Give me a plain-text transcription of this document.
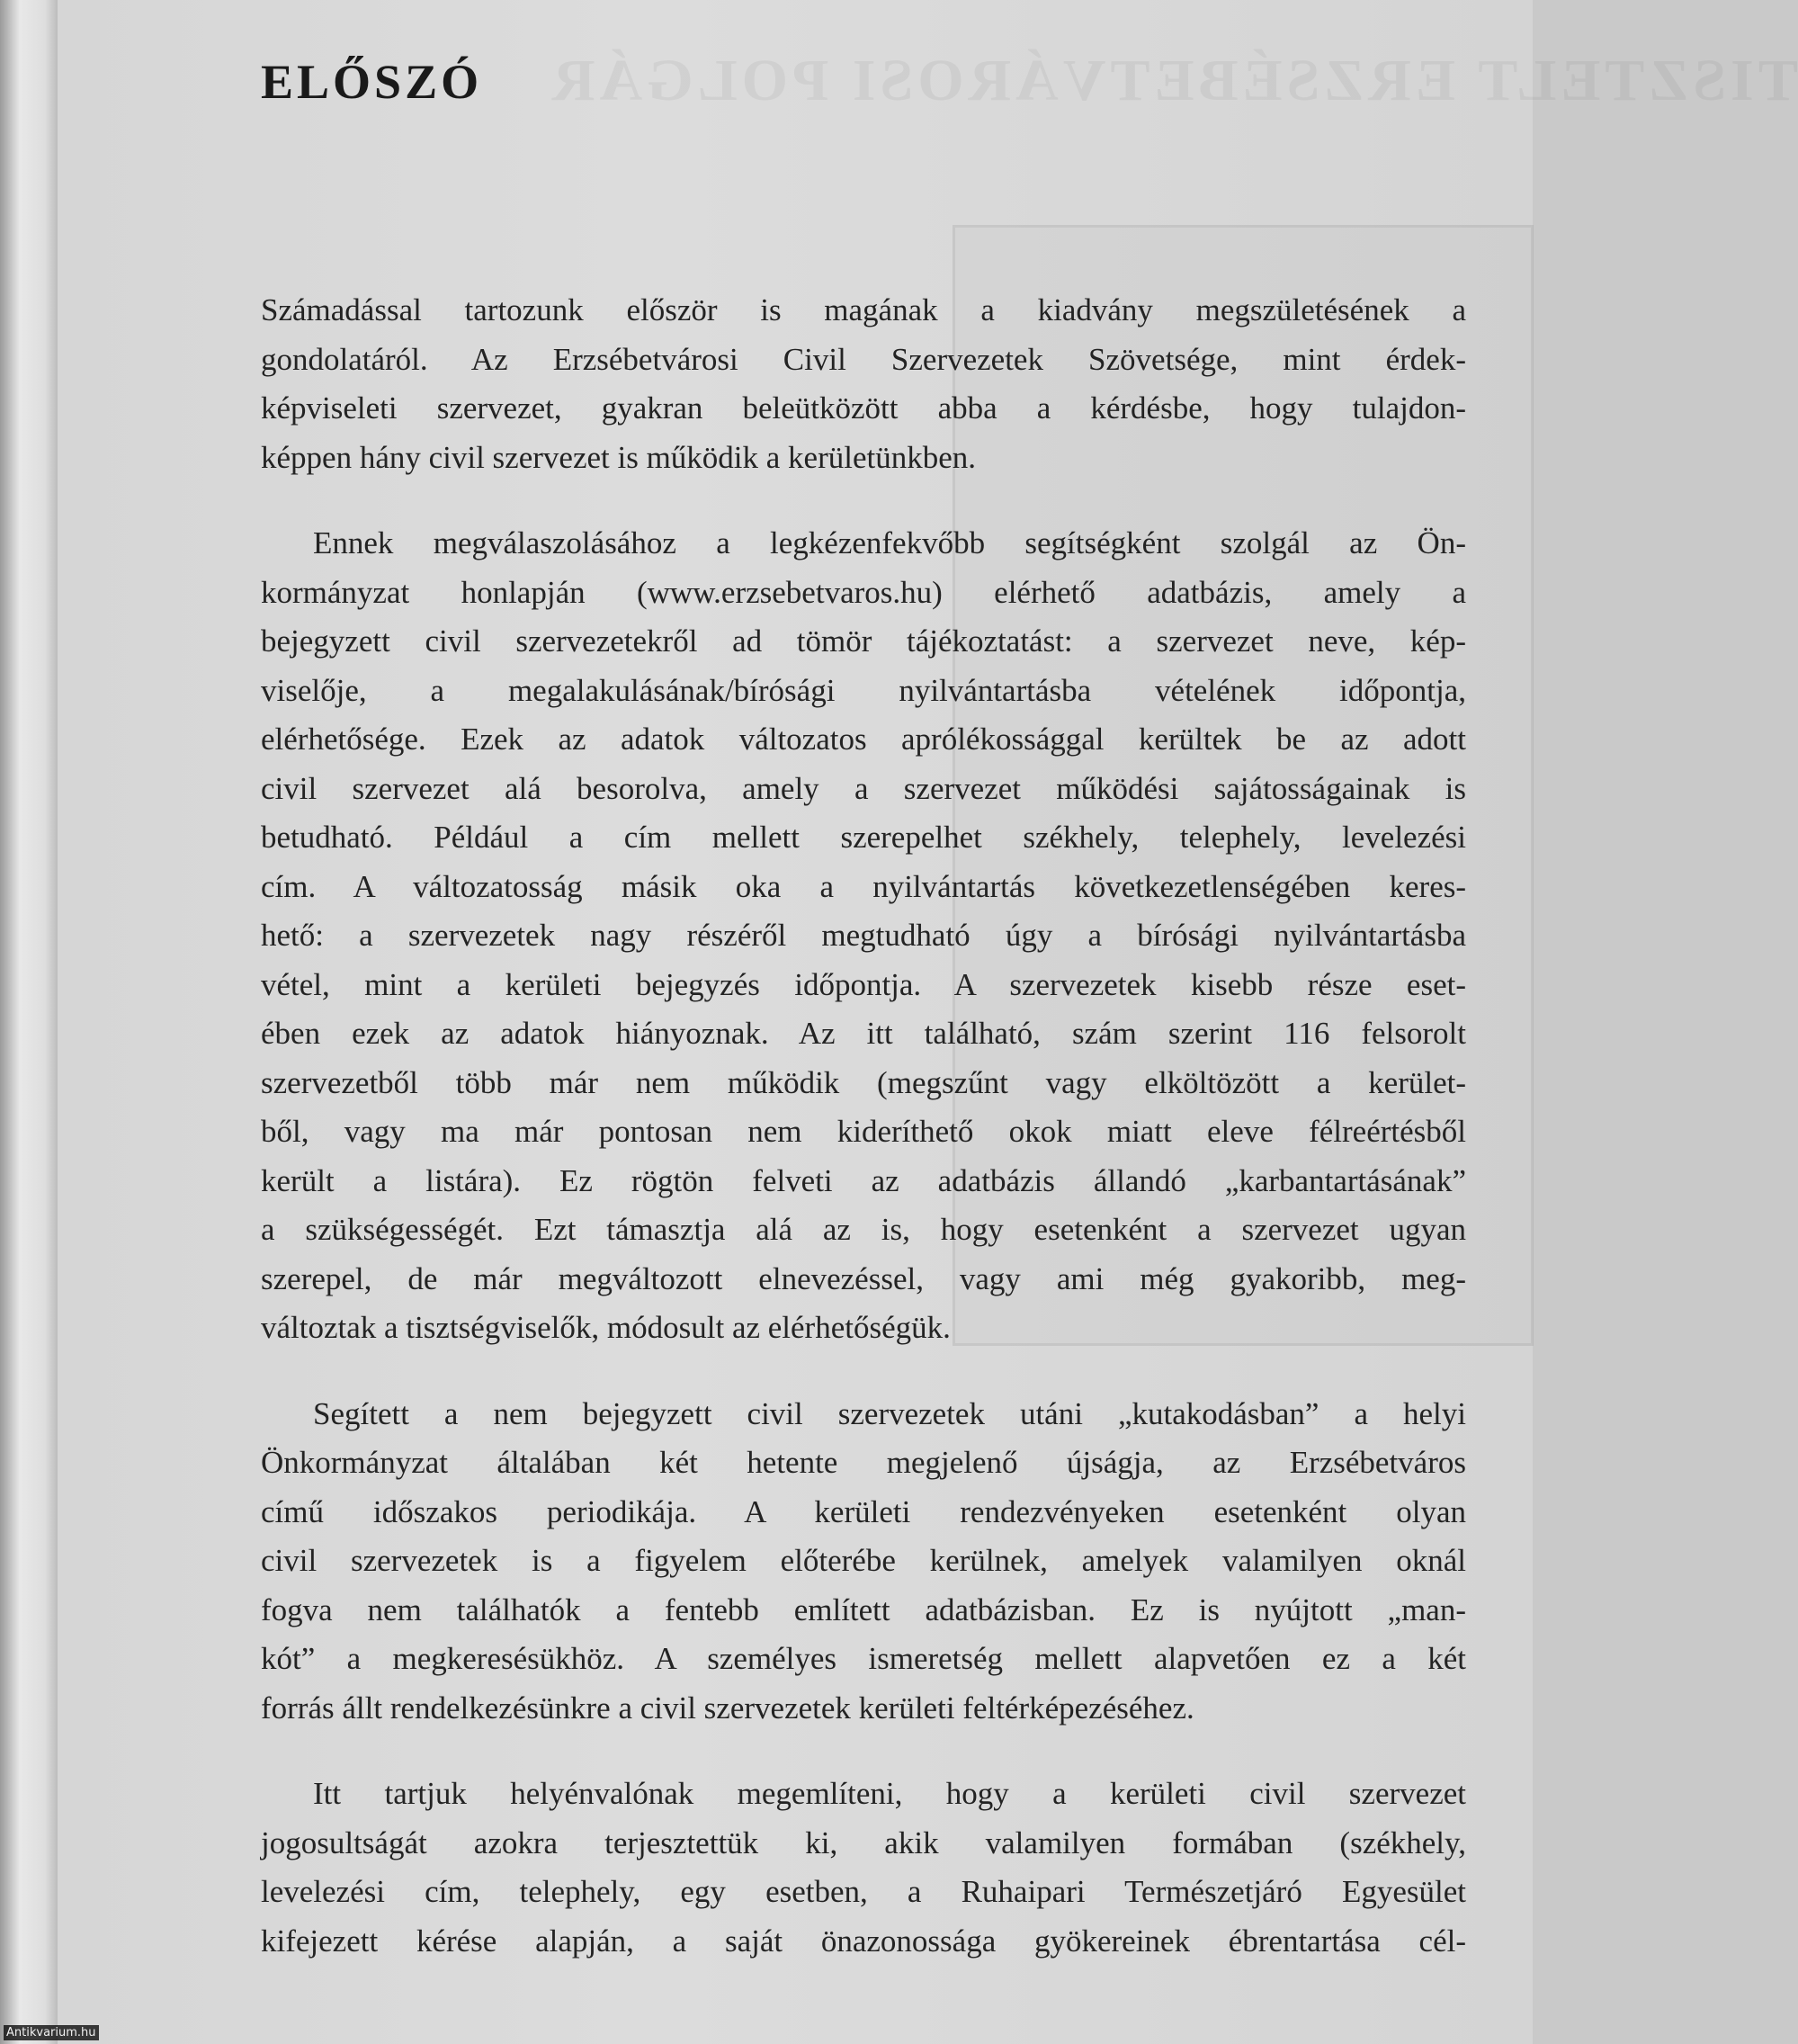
TISZTELT ERZSÉBETVÁROSI POLGÁR
ELŐSZÓ

Számadással tartozunk először is magának a kiadvány megszületésének a
gondolatáról. Az Erzsébetvárosi Civil Szervezetek Szövetsége, mint érdek-
képviseleti szervezet, gyakran beleütközött abba a kérdésbe, hogy tulajdon-
képpen hány civil szervezet is működik a kerületünkben.

Ennek megválaszolásához a legkézenfekvőbb segítségként szolgál az Ön-
kormányzat honlapján (www.erzsebetvaros.hu) elérhető adatbázis, amely a
bejegyzett civil szervezetekről ad tömör tájékoztatást: a szervezet neve, kép-
viselője, a megalakulásának/bírósági nyilvántartásba vételének időpontja,
elérhetősége. Ezek az adatok változatos aprólékossággal kerültek be az adott
civil szervezet alá besorolva, amely a szervezet működési sajátosságainak is
betudható. Például a cím mellett szerepelhet székhely, telephely, levelezési
cím. A változatosság másik oka a nyilvántartás következetlenségében keres-
hető: a szervezetek nagy részéről megtudható úgy a bírósági nyilvántartásba
vétel, mint a kerületi bejegyzés időpontja. A szervezetek kisebb része eset-
ében ezek az adatok hiányoznak. Az itt található, szám szerint 116 felsorolt
szervezetből több már nem működik (megszűnt vagy elköltözött a kerület-
ből, vagy ma már pontosan nem kideríthető okok miatt eleve félreértésből
került a listára). Ez rögtön felveti az adatbázis állandó „karbantartásának”
a szükségességét. Ezt támasztja alá az is, hogy esetenként a szervezet ugyan
szerepel, de már megváltozott elnevezéssel, vagy ami még gyakoribb, meg-
változtak a tisztségviselők, módosult az elérhetőségük.

Segített a nem bejegyzett civil szervezetek utáni „kutakodásban” a helyi
Önkormányzat általában két hetente megjelenő újságja, az Erzsébetváros
című időszakos periodikája. A kerületi rendezvényeken esetenként olyan
civil szervezetek is a figyelem előterébe kerülnek, amelyek valamilyen oknál
fogva nem találhatók a fentebb említett adatbázisban. Ez is nyújtott „man-
kót” a megkeresésükhöz. A személyes ismeretség mellett alapvetően ez a két
forrás állt rendelkezésünkre a civil szervezetek kerületi feltérképezéséhez.

Itt tartjuk helyénvalónak megemlíteni, hogy a kerületi civil szervezet
jogosultságát azokra terjesztettük ki, akik valamilyen formában (székhely,
levelezési cím, telephely, egy esetben, a Ruhaipari Természetjáró Egyesület
kifejezett kérése alapján, a saját önazonossága gyökereinek ébrentartása cél-

Antikvarium.hu
